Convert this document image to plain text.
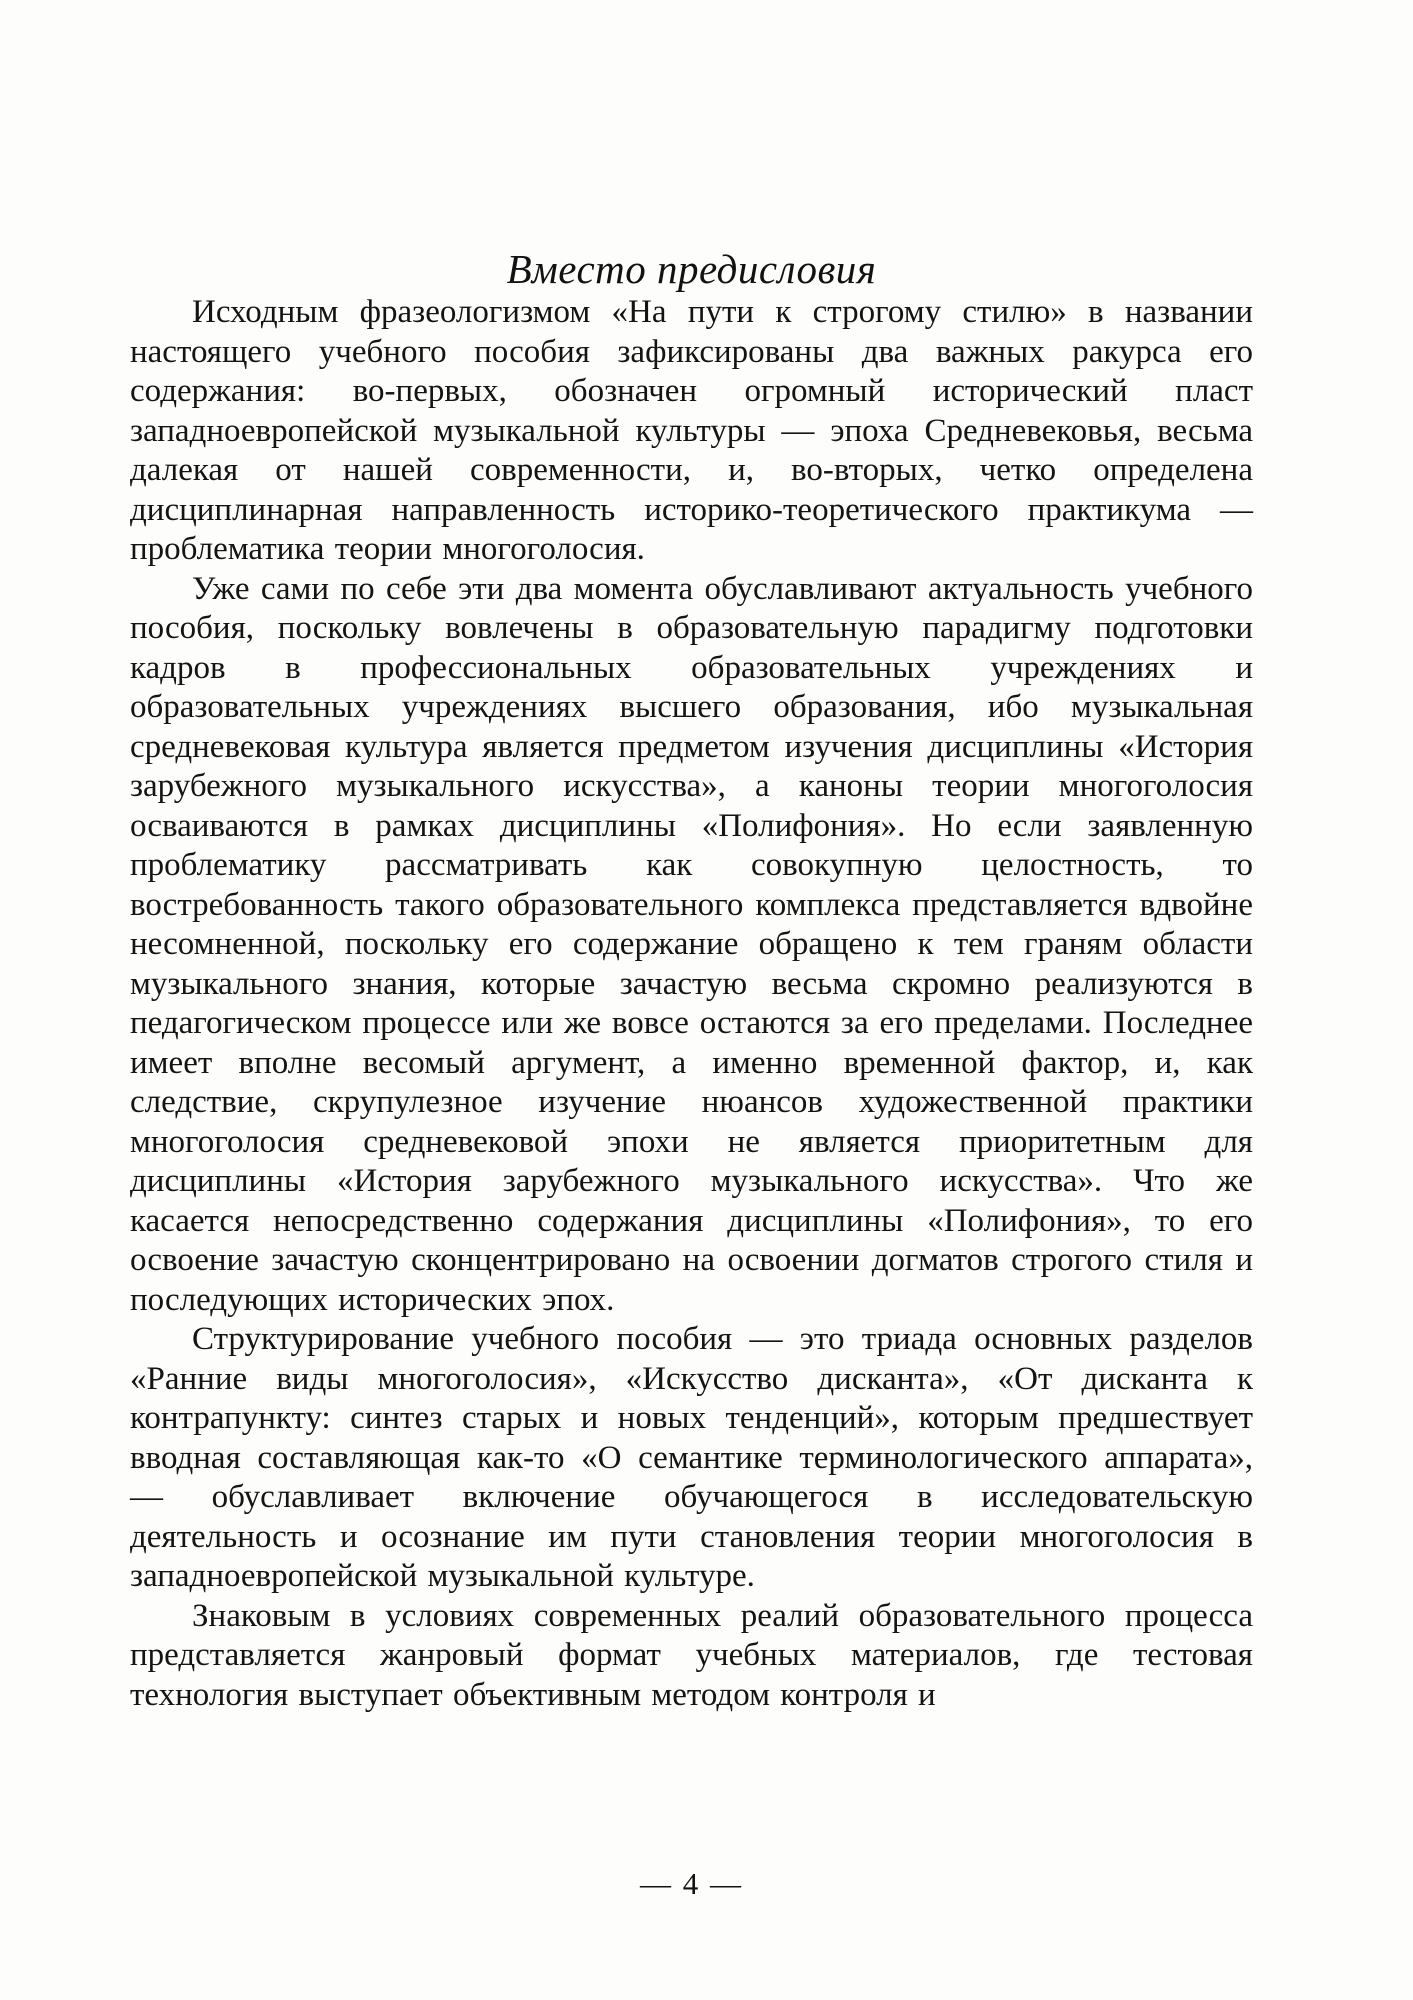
Вместо предисловия

Исходным фразеологизмом «На пути к строгому стилю» в названии настоящего учебного пособия зафиксированы два важных ракурса его содержания: во-первых, обозначен огромный исторический пласт западноевропейской музыкальной культуры — эпоха Средневековья, весьма далекая от нашей современности, и, во-вторых, четко определена дисциплинарная направленность историко-теоретического практикума — проблематика теории многоголосия.

Уже сами по себе эти два момента обуславливают актуальность учебного пособия, поскольку вовлечены в образовательную парадигму подготовки кадров в профессиональных образовательных учреждениях и образовательных учреждениях высшего образования, ибо музыкальная средневековая культура является предметом изучения дисциплины «История зарубежного музыкального искусства», а каноны теории многоголосия осваиваются в рамках дисциплины «Полифония». Но если заявленную проблематику рассматривать как совокупную целостность, то востребованность такого образовательного комплекса представляется вдвойне несомненной, поскольку его содержание обращено к тем граням области музыкального знания, которые зачастую весьма скромно реализуются в педагогическом процессе или же вовсе остаются за его пределами. Последнее имеет вполне весомый аргумент, а именно временной фактор, и, как следствие, скрупулезное изучение нюансов художественной практики многоголосия средневековой эпохи не является приоритетным для дисциплины «История зарубежного музыкального искусства». Что же касается непосредственно содержания дисциплины «Полифония», то его освоение зачастую сконцентрировано на освоении догматов строгого стиля и последующих исторических эпох.

Структурирование учебного пособия — это триада основных разделов «Ранние виды многоголосия», «Искусство дисканта», «От дисканта к контрапункту: синтез старых и новых тенденций», которым предшествует вводная составляющая как-то «О семантике терминологического аппарата», — обуславливает включение обучающегося в исследовательскую деятельность и осознание им пути становления теории многоголосия в западноевропейской музыкальной культуре.

Знаковым в условиях современных реалий образовательного процесса представляется жанровый формат учебных материалов, где тестовая технология выступает объективным методом контроля и

— 4 —
